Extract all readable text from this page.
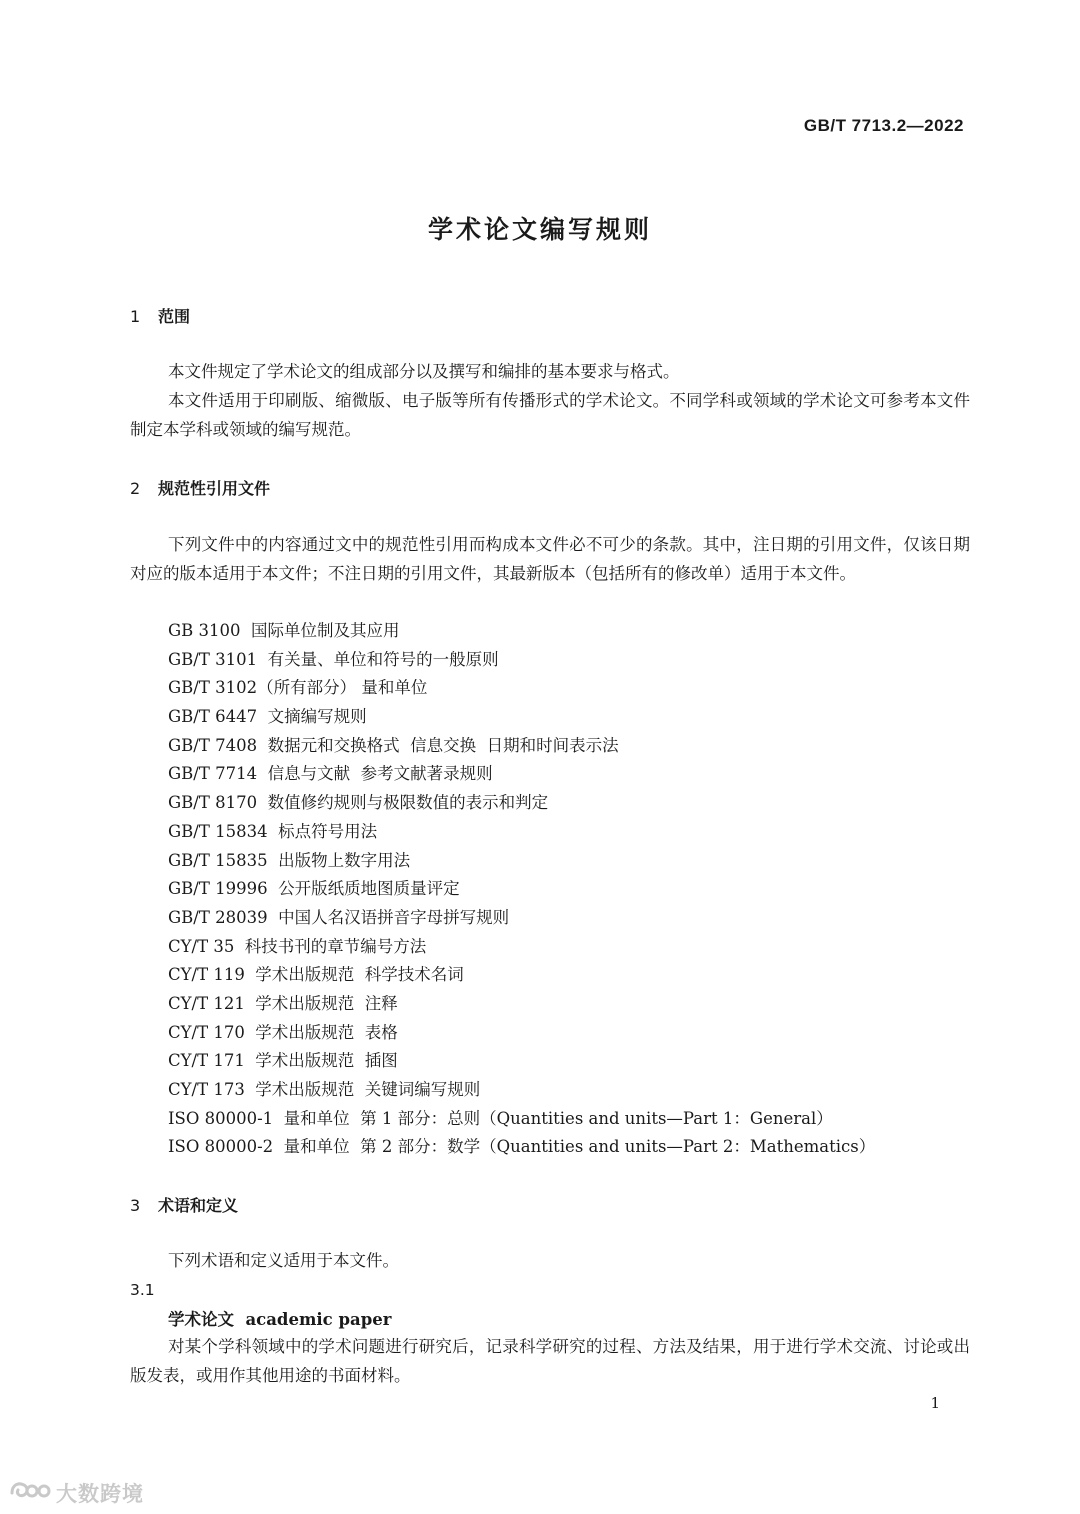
GB/T 7713.2—2022
学术论文编写规则
1 范围
本文件规定了学术论文的组成部分以及撰写和编排的基本要求与格式。
本文件适用于印刷版、缩微版、电子版等所有传播形式的学术论文。不同学科或领域的学术论文可参考本文件制定本学科或领域的编写规范。
2 规范性引用文件
下列文件中的内容通过文中的规范性引用而构成本文件必不可少的条款。其中，注日期的引用文件，仅该日期对应的版本适用于本文件；不注日期的引用文件，其最新版本（包括所有的修改单）适用于本文件。
GB 3100  国际单位制及其应用
GB/T 3101  有关量、单位和符号的一般原则
GB/T 3102（所有部分） 量和单位
GB/T 6447  文摘编写规则
GB/T 7408  数据元和交换格式  信息交换  日期和时间表示法
GB/T 7714  信息与文献  参考文献著录规则
GB/T 8170  数值修约规则与极限数值的表示和判定
GB/T 15834  标点符号用法
GB/T 15835  出版物上数字用法
GB/T 19996  公开版纸质地图质量评定
GB/T 28039  中国人名汉语拼音字母拼写规则
CY/T 35  科技书刊的章节编号方法
CY/T 119  学术出版规范  科学技术名词
CY/T 121  学术出版规范  注释
CY/T 170  学术出版规范  表格
CY/T 171  学术出版规范  插图
CY/T 173  学术出版规范  关键词编写规则
ISO 80000-1  量和单位  第 1 部分：总则（Quantities and units—Part 1：General）
ISO 80000-2  量和单位  第 2 部分：数学（Quantities and units—Part 2：Mathematics）
3 术语和定义
下列术语和定义适用于本文件。
3.1
学术论文  academic paper
对某个学科领域中的学术问题进行研究后，记录科学研究的过程、方法及结果，用于进行学术交流、讨论或出版发表，或用作其他用途的书面材料。
1
大数跨境
